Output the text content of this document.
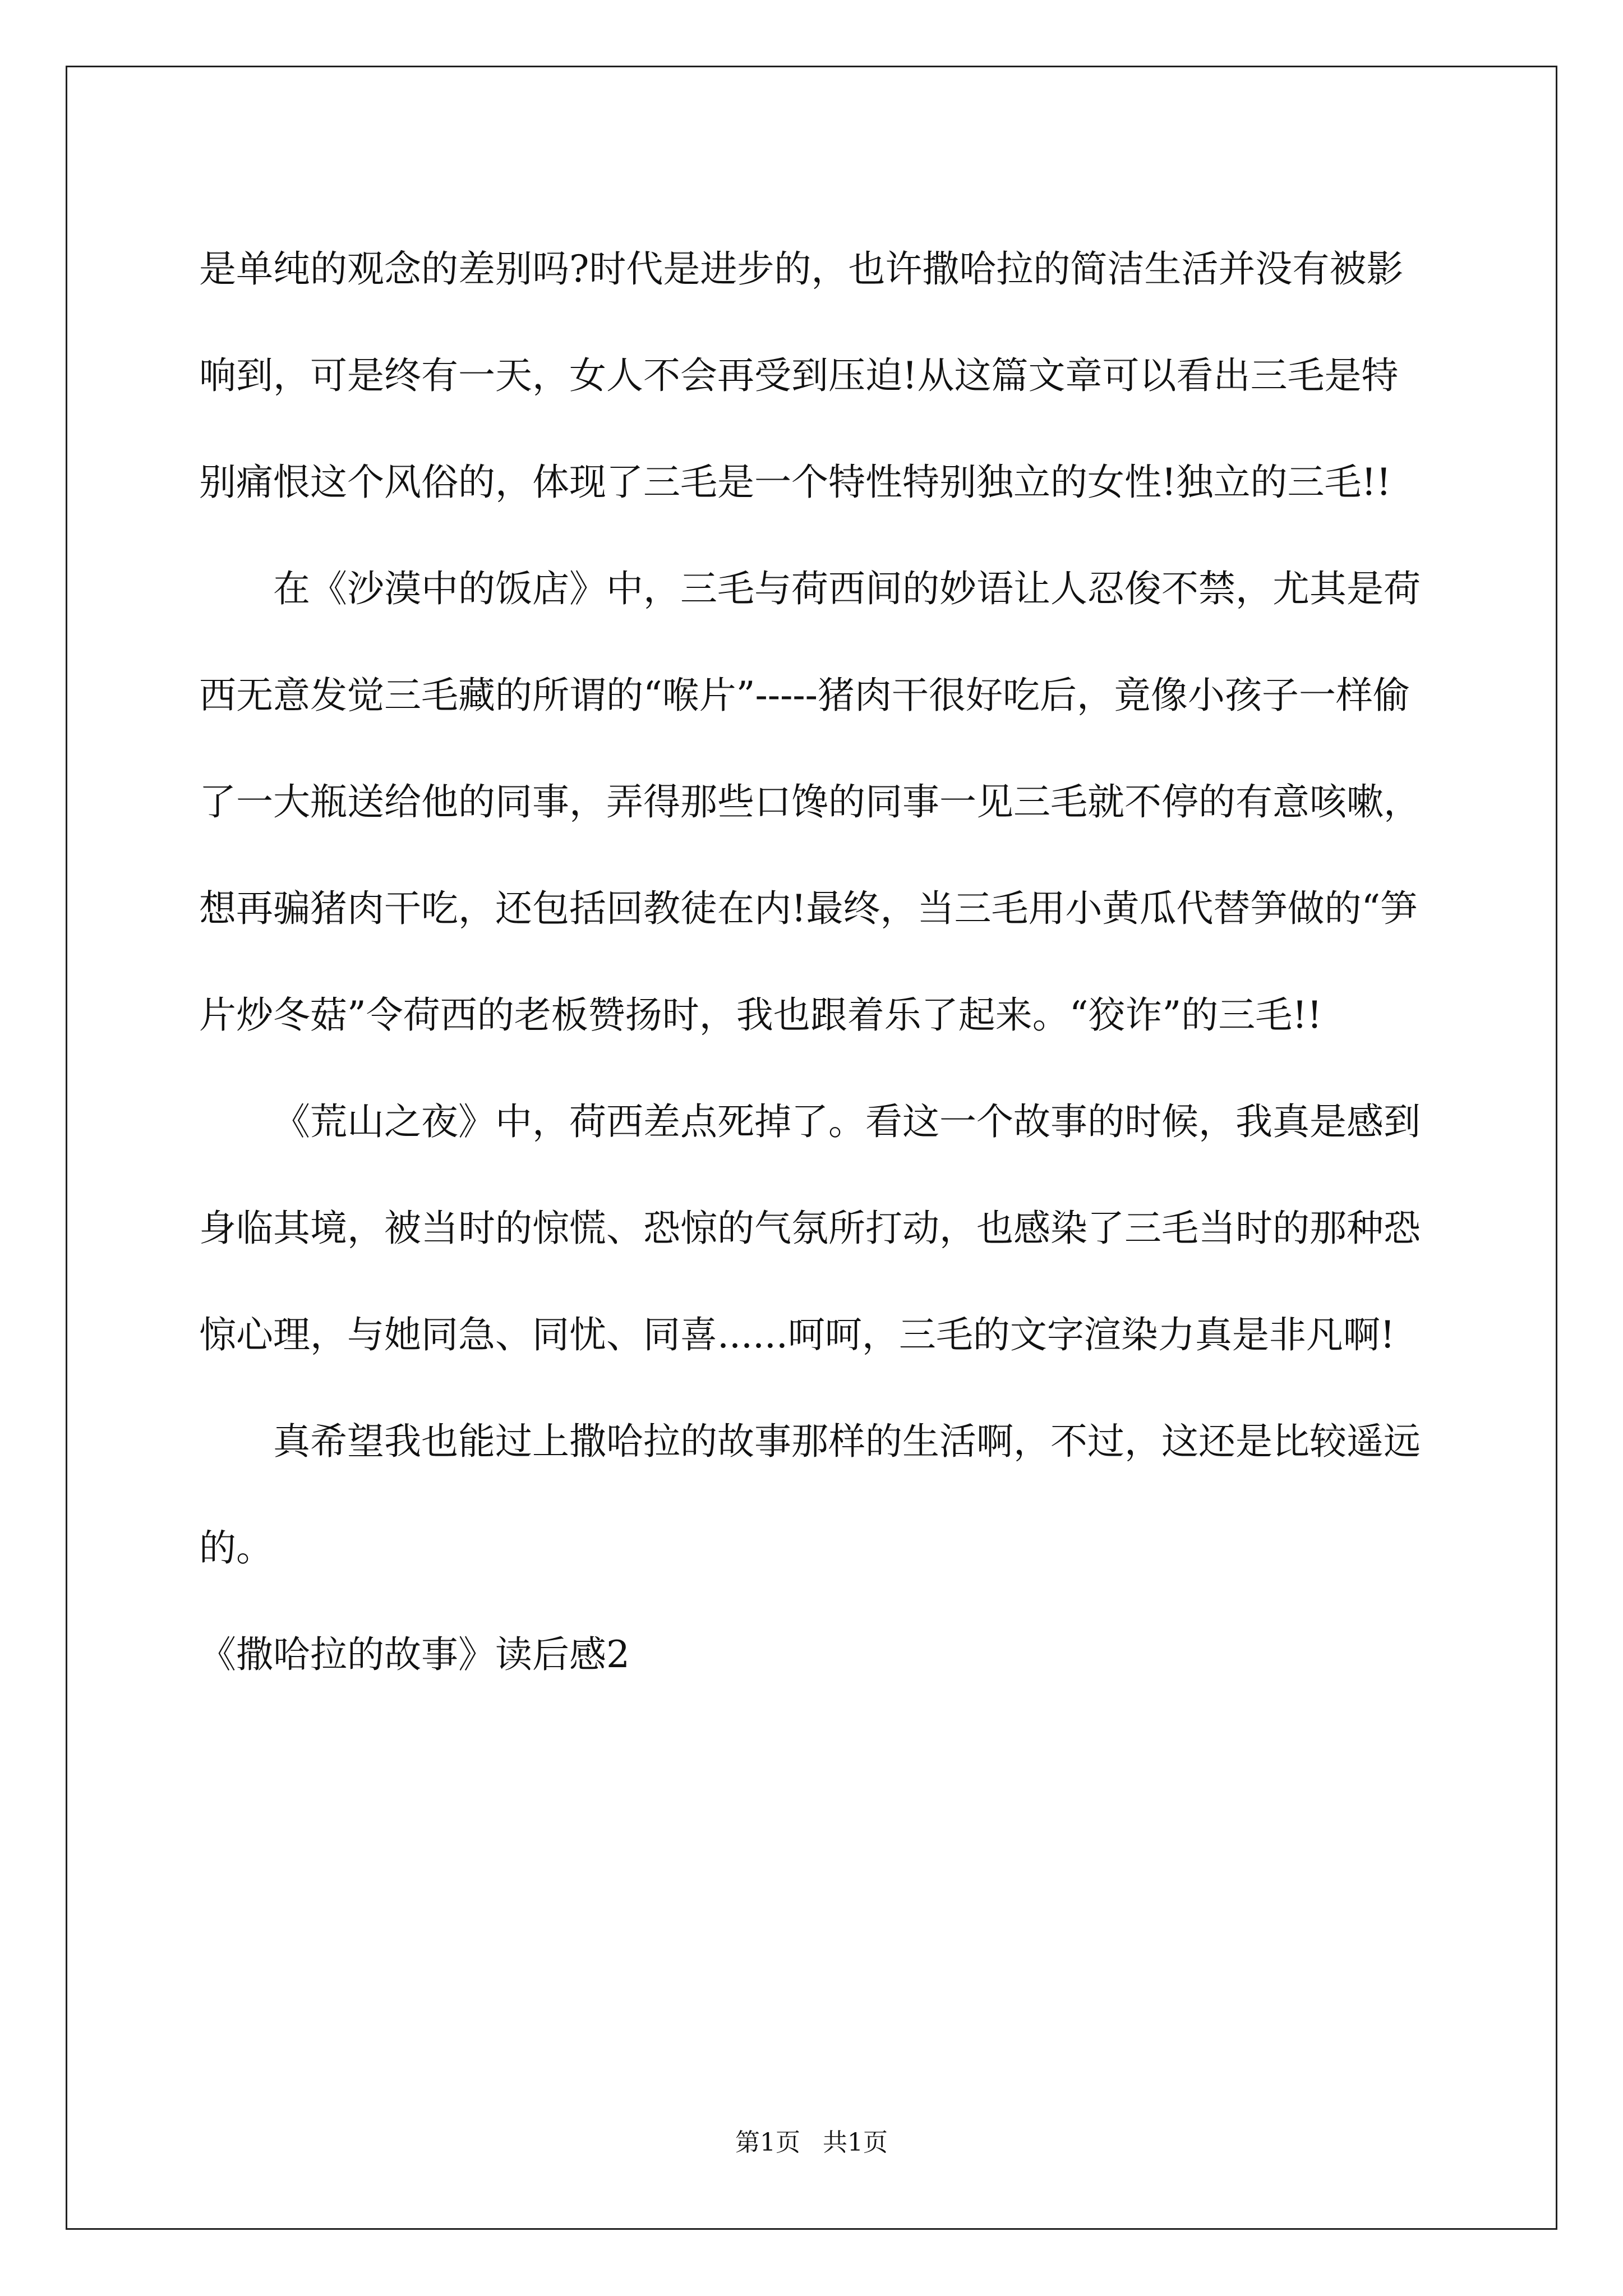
是单纯的观念的差别吗?时代是进步的，也许撒哈拉的简洁生活并没有被影响到，可是终有一天，女人不会再受到压迫!从这篇文章可以看出三毛是特别痛恨这个风俗的，体现了三毛是一个特性特别独立的女性!独立的三毛!!

在《沙漠中的饭店》中，三毛与荷西间的妙语让人忍俊不禁，尤其是荷西无意发觉三毛藏的所谓的“喉片”-----猪肉干很好吃后，竟像小孩子一样偷了一大瓶送给他的同事，弄得那些口馋的同事一见三毛就不停的有意咳嗽，想再骗猪肉干吃，还包括回教徒在内!最终，当三毛用小黄瓜代替笋做的“笋片炒冬菇”令荷西的老板赞扬时，我也跟着乐了起来。“狡诈”的三毛!!

《荒山之夜》中，荷西差点死掉了。看这一个故事的时候，我真是感到身临其境，被当时的惊慌、恐惊的气氛所打动，也感染了三毛当时的那种恐惊心理，与她同急、同忧、同喜......呵呵，三毛的文字渲染力真是非凡啊!

真希望我也能过上撒哈拉的故事那样的生活啊，不过，这还是比较遥远的。

《撒哈拉的故事》读后感2

第1页 共1页
